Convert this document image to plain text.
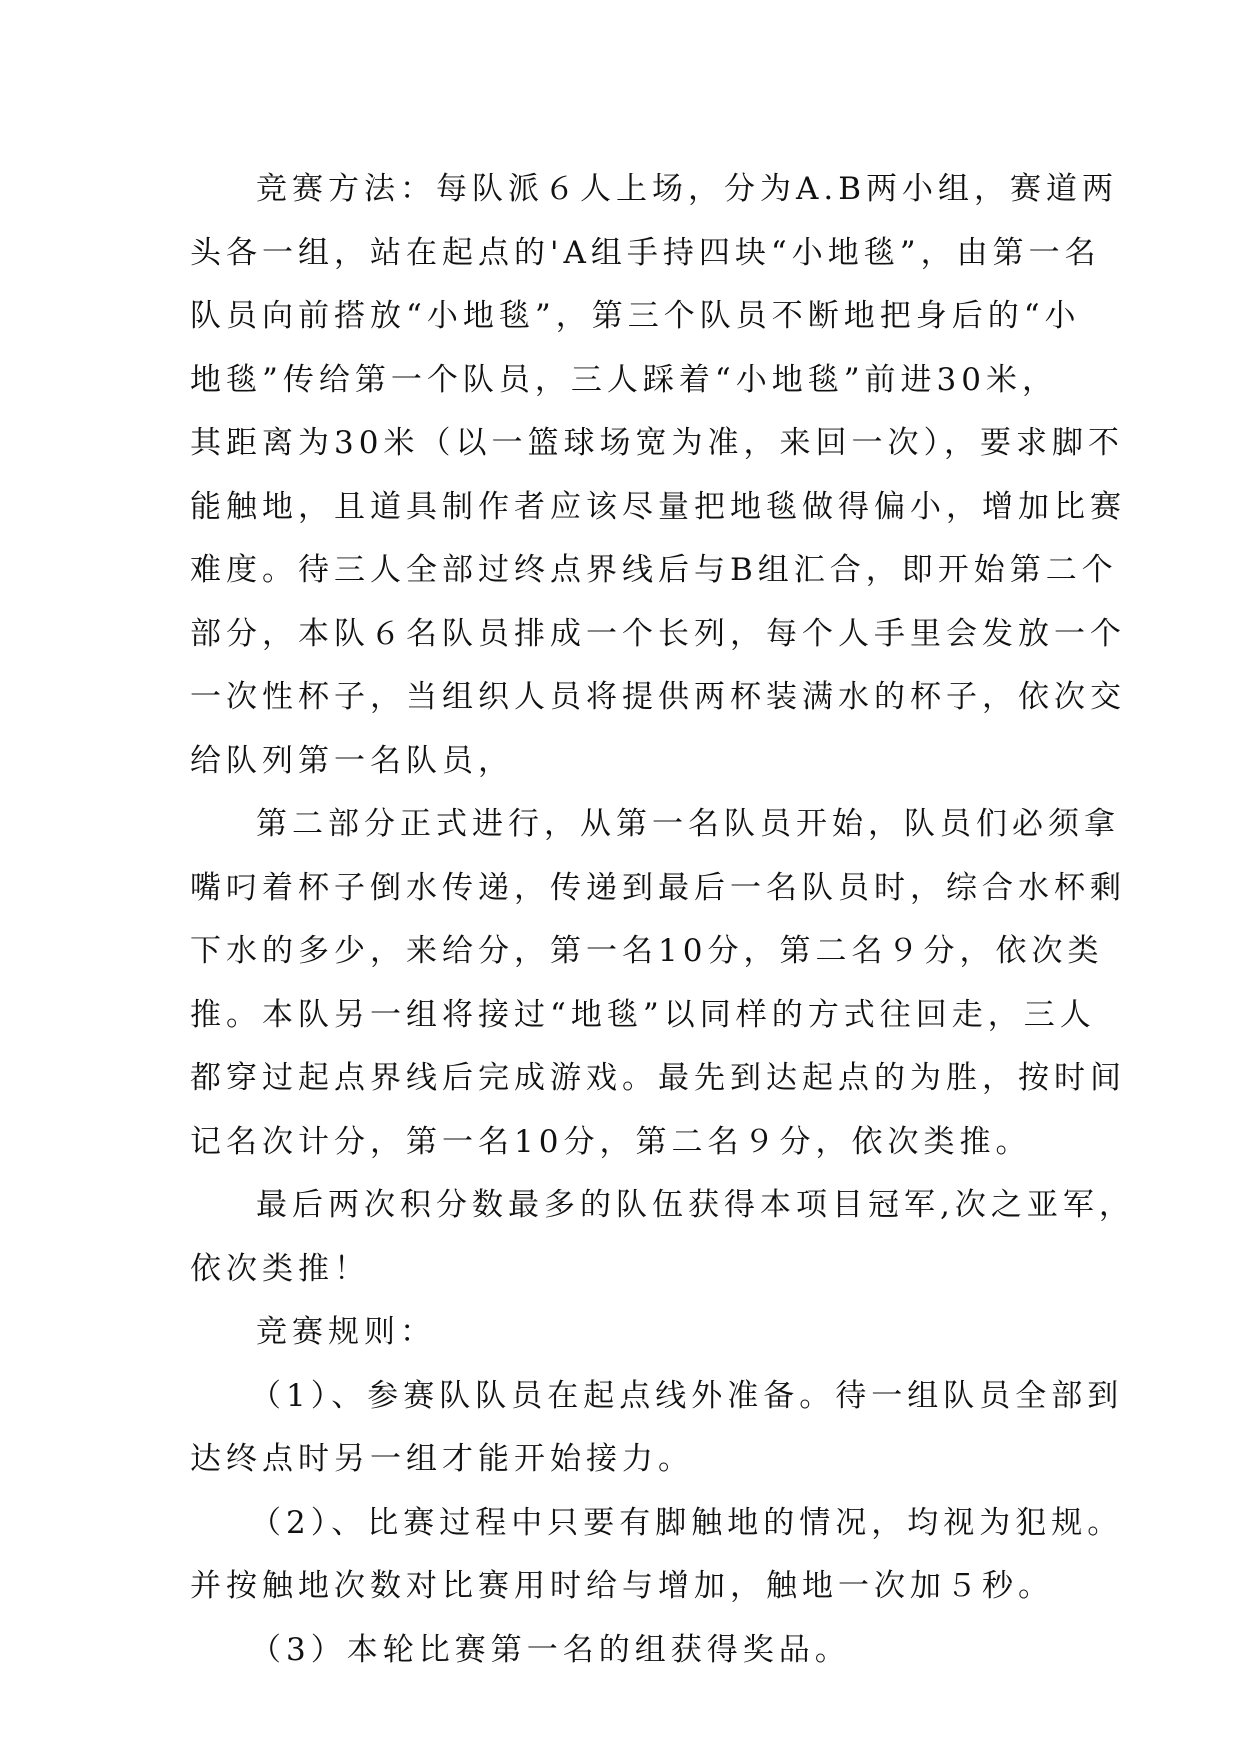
竞赛方法：每队派６人上场，分为A.B两小组，赛道两
头各一组，站在起点的'A组手持四块“小地毯”，由第一名
队员向前搭放“小地毯”，第三个队员不断地把身后的“小
地毯”传给第一个队员，三人踩着“小地毯”前进30米，
其距离为30米（以一篮球场宽为准，来回一次），要求脚不
能触地，且道具制作者应该尽量把地毯做得偏小，增加比赛
难度。待三人全部过终点界线后与B组汇合，即开始第二个
部分，本队６名队员排成一个长列，每个人手里会发放一个
一次性杯子，当组织人员将提供两杯装满水的杯子，依次交
给队列第一名队员，
第二部分正式进行，从第一名队员开始，队员们必须拿
嘴叼着杯子倒水传递，传递到最后一名队员时，综合水杯剩
下水的多少，来给分，第一名10分，第二名９分，依次类
推。本队另一组将接过“地毯”以同样的方式往回走，三人
都穿过起点界线后完成游戏。最先到达起点的为胜，按时间
记名次计分，第一名10分，第二名９分，依次类推。
最后两次积分数最多的队伍获得本项目冠军,次之亚军，
依次类推！
竞赛规则：
（1）、参赛队队员在起点线外准备。待一组队员全部到
达终点时另一组才能开始接力。
（2）、比赛过程中只要有脚触地的情况，均视为犯规。
并按触地次数对比赛用时给与增加，触地一次加５秒。
（3）本轮比赛第一名的组获得奖品。
